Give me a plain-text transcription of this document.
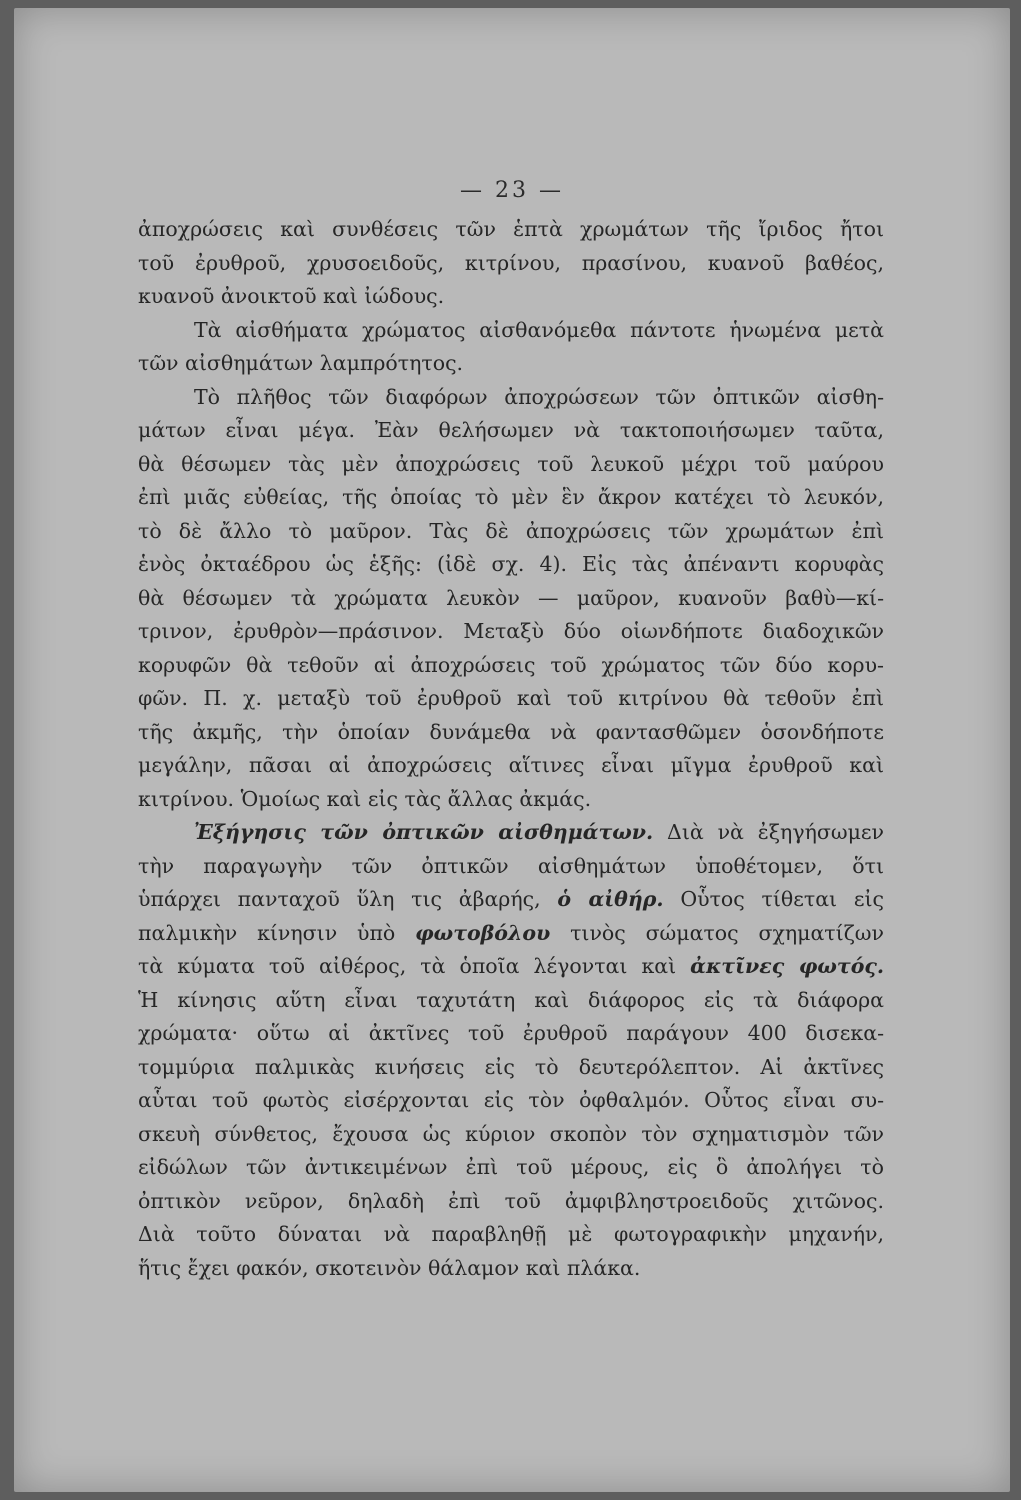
— 23 —
ἀποχρώσεις καὶ συνθέσεις τῶν ἑπτὰ χρωμάτων τῆς ἴριδος ἤτοι
τοῦ ἐρυθροῦ, χρυσοειδοῦς, κιτρίνου, πρασίνου, κυανοῦ βαθέος,
κυανοῦ ἀνοικτοῦ καὶ ἰώδους.
Τὰ αἰσθήματα χρώματος αἰσθανόμεθα πάντοτε ἡνωμένα μετὰ
τῶν αἰσθημάτων λαμπρότητος.
Τὸ πλῆθος τῶν διαφόρων ἀποχρώσεων τῶν ὀπτικῶν αἰσθη-
μάτων εἶναι μέγα. Ἐὰν θελήσωμεν νὰ τακτοποιήσωμεν ταῦτα,
θὰ θέσωμεν τὰς μὲν ἀποχρώσεις τοῦ λευκοῦ μέχρι τοῦ μαύρου
ἐπὶ μιᾶς εὐθείας, τῆς ὁποίας τὸ μὲν ἓν ἄκρον κατέχει τὸ λευκόν,
τὸ δὲ ἄλλο τὸ μαῦρον. Τὰς δὲ ἀποχρώσεις τῶν χρωμάτων ἐπὶ
ἑνὸς ὀκταέδρου ὡς ἑξῆς: (ἰδὲ σχ. 4). Εἰς τὰς ἀπέναντι κορυφὰς
θὰ θέσωμεν τὰ χρώματα λευκὸν — μαῦρον, κυανοῦν βαθὺ—κί-
τρινον, ἐρυθρὸν—πράσινον. Μεταξὺ δύο οἱωνδήποτε διαδοχικῶν
κορυφῶν θὰ τεθοῦν αἱ ἀποχρώσεις τοῦ χρώματος τῶν δύο κορυ-
φῶν. Π. χ. μεταξὺ τοῦ ἐρυθροῦ καὶ τοῦ κιτρίνου θὰ τεθοῦν ἐπὶ
τῆς ἀκμῆς, τὴν ὁποίαν δυνάμεθα νὰ φαντασθῶμεν ὁσονδήποτε
μεγάλην, πᾶσαι αἱ ἀποχρώσεις αἵτινες εἶναι μῖγμα ἐρυθροῦ καὶ
κιτρίνου. Ὁμοίως καὶ εἰς τὰς ἄλλας ἀκμάς.
Ἐξήγησις τῶν ὀπτικῶν αἰσθημάτων. Διὰ νὰ ἐξηγήσωμεν
τὴν παραγωγὴν τῶν ὀπτικῶν αἰσθημάτων ὑποθέτομεν, ὅτι
ὑπάρχει πανταχοῦ ὕλη τις ἀβαρής, ὁ αἰθήρ. Οὗτος τίθεται εἰς
παλμικὴν κίνησιν ὑπὸ φωτοβόλου τινὸς σώματος σχηματίζων
τὰ κύματα τοῦ αἰθέρος, τὰ ὁποῖα λέγονται καὶ ἀκτῖνες φωτός.
Ἡ κίνησις αὕτη εἶναι ταχυτάτη καὶ διάφορος εἰς τὰ διάφορα
χρώματα· οὕτω αἱ ἀκτῖνες τοῦ ἐρυθροῦ παράγουν 400 δισεκα-
τομμύρια παλμικὰς κινήσεις εἰς τὸ δευτερόλεπτον. Αἱ ἀκτῖνες
αὗται τοῦ φωτὸς εἰσέρχονται εἰς τὸν ὀφθαλμόν. Οὗτος εἶναι συ-
σκευὴ σύνθετος, ἔχουσα ὡς κύριον σκοπὸν τὸν σχηματισμὸν τῶν
εἰδώλων τῶν ἀντικειμένων ἐπὶ τοῦ μέρους, εἰς ὃ ἀπολήγει τὸ
ὀπτικὸν νεῦρον, δηλαδὴ ἐπὶ τοῦ ἀμφιβληστροειδοῦς χιτῶνος.
Διὰ τοῦτο δύναται νὰ παραβληθῇ μὲ φωτογραφικὴν μηχανήν,
ἥτις ἔχει φακόν, σκοτεινὸν θάλαμον καὶ πλάκα.
